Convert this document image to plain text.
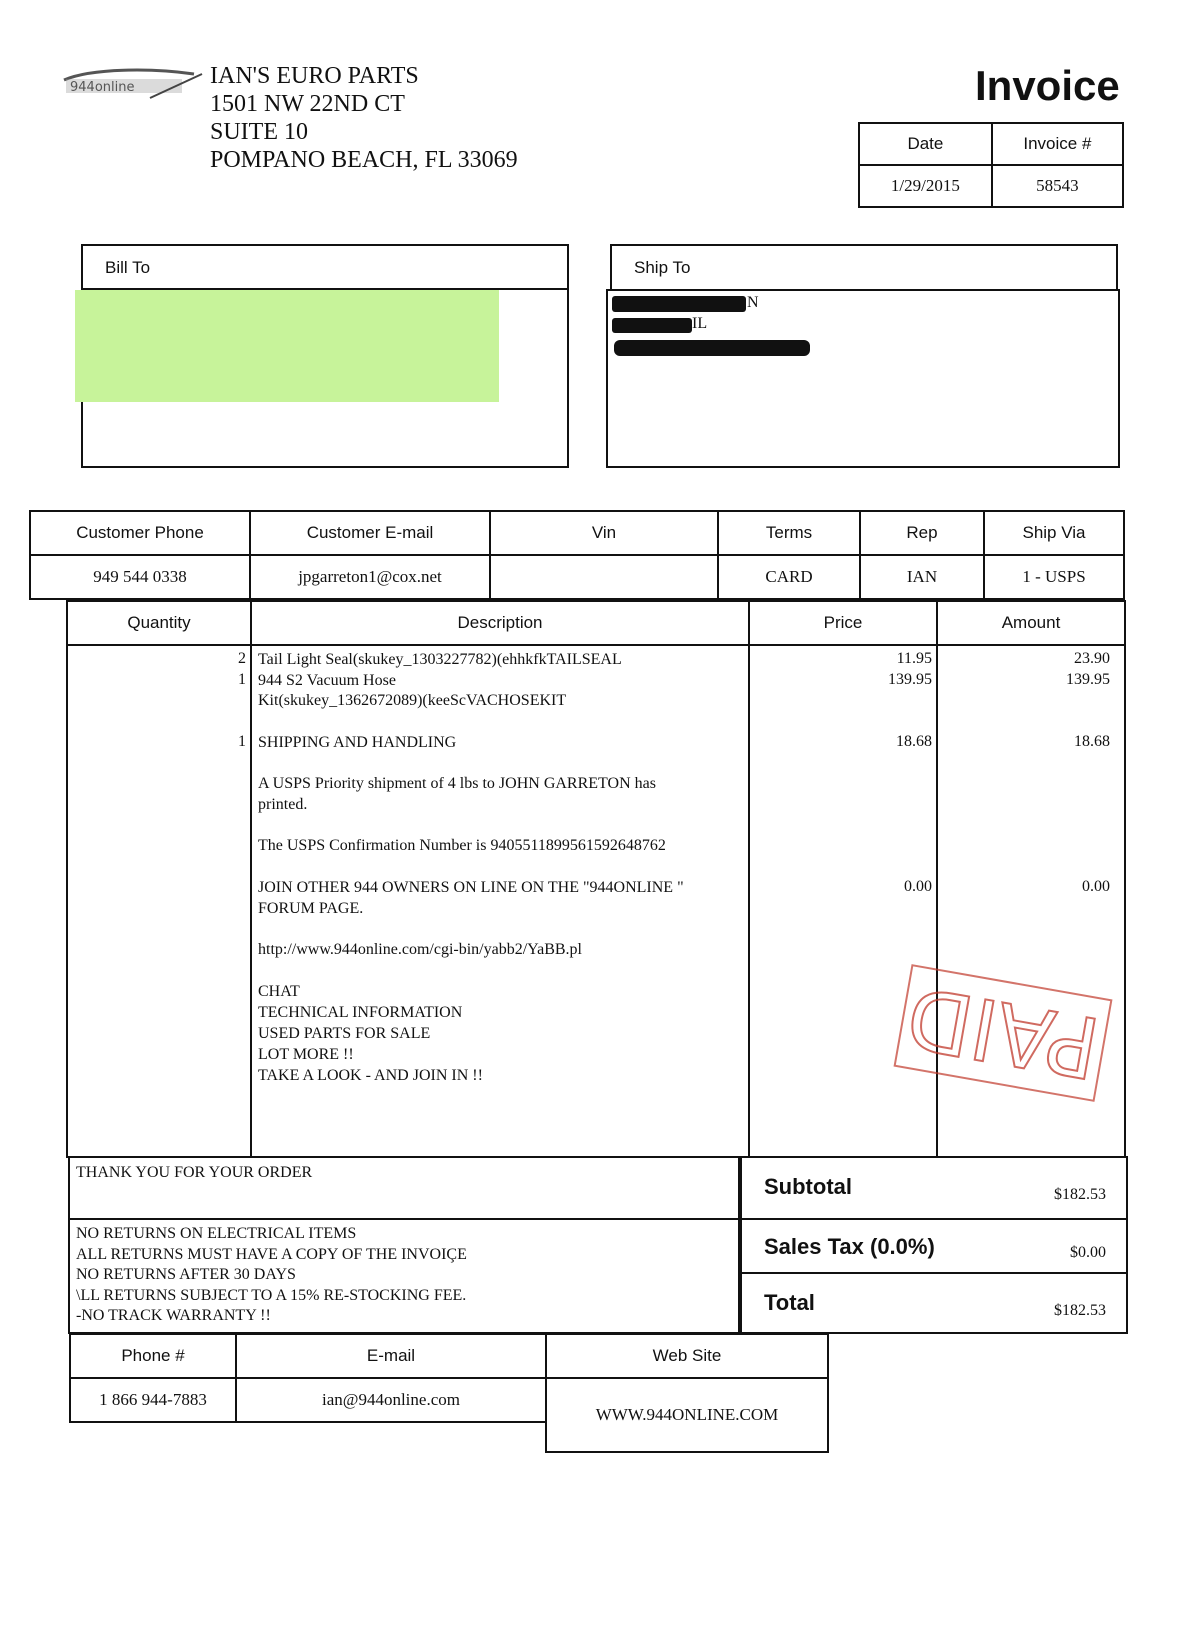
944online	IAN'S EURO PARTS
1501 NW 22ND CT
SUITE 10
POMPANO BEACH, FL 33069
Invoice
Date	Invoice #
1/29/2015	58543
Bill To	Ship To
N
IL
Customer Phone	Customer E-mail	Vin	Terms	Rep	Ship Via
949 544 0338	jpgarreton1@cox.net		CARD	IAN	1 - USPS
Quantity	Description	Price	Amount

2 Tail Light Seal(skukey_1303227782)(ehhkfkTAILSEAL	11.95	23.90
1 944 S2 Vacuum Hose
Kit(skukey_1362672089)(keeScVACHOSEKIT
139.95	139.95
1 SHIPPING AND HANDLING	18.68	18.68
A USPS Priority shipment of 4 lbs to JOHN GARRETON has
printed.
The USPS Confirmation Number is 9405511899561592648762
JOIN OTHER 944 OWNERS ON LINE ON THE "944ONLINE "
FORUM PAGE.
0.00	0.00
http://www.944online.com/cgi-bin/yabb2/YaBB.pl
CHAT
TECHNICAL INFORMATION
USED PARTS FOR SALE
LOT MORE !!
TAKE A LOOK - AND JOIN IN !!	PAID
THANK YOU FOR YOUR ORDER
NO RETURNS ON ELECTRICAL ITEMS
ALL RETURNS MUST HAVE A COPY OF THE INVOIÇE
NO RETURNS AFTER 30 DAYS
\LL RETURNS SUBJECT TO A 15% RE-STOCKING FEE.
-NO TRACK WARRANTY !!
Subtotal	$182.53
Sales Tax (0.0%)	$0.00
Total	$182.53
Phone #	E-mail	Web Site
1 866 944-7883	ian@944online.com	WWW.944ONLINE.COM
